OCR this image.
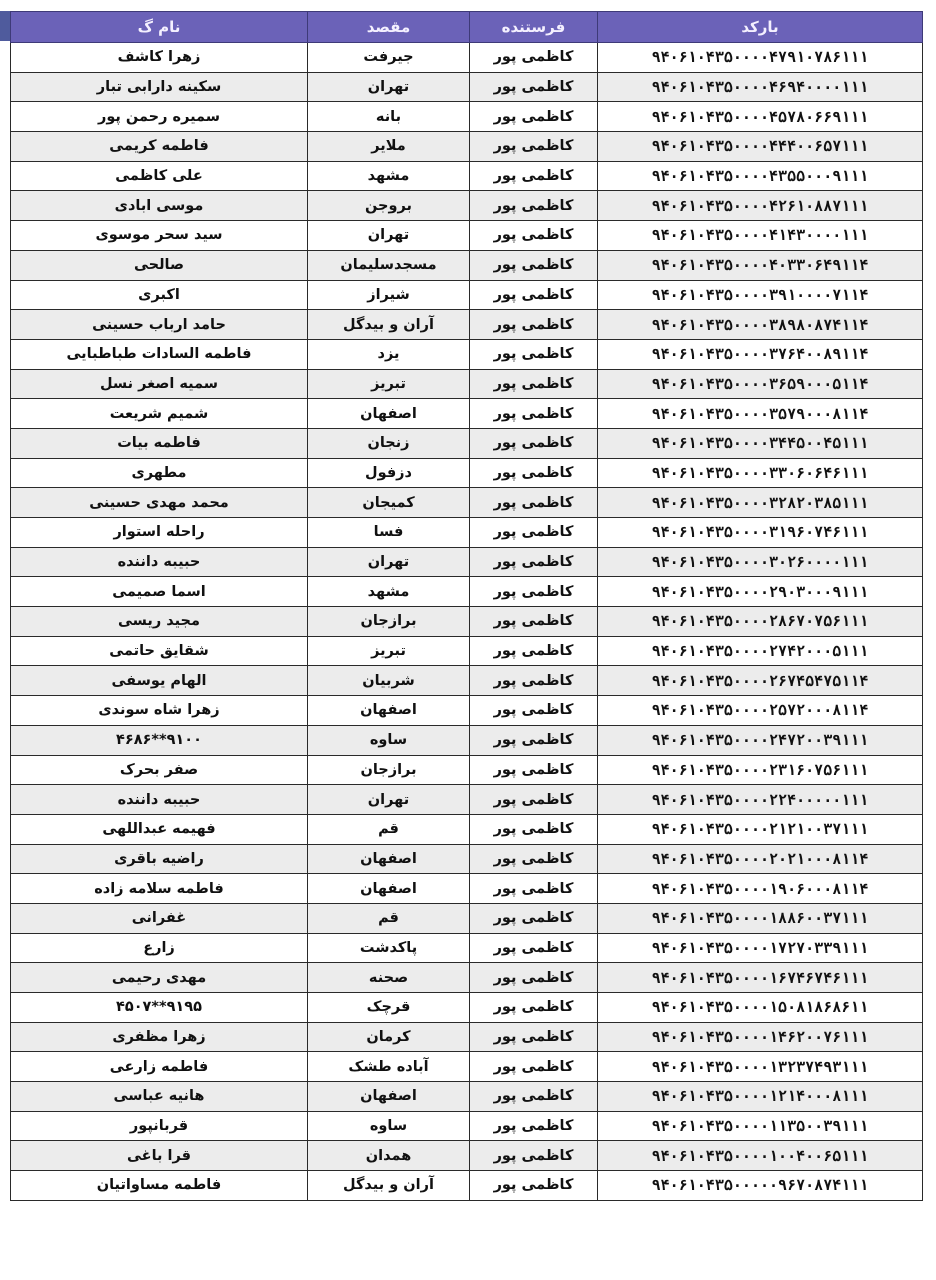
بارکد	فرستنده	مقصد	نام گ
۹۴۰۶۱۰۴۳۵۰۰۰۰۴۷۹۱۰۷۸۶۱۱۱	کاظمی پور	جیرفت	زهرا کاشف
۹۴۰۶۱۰۴۳۵۰۰۰۰۴۶۹۴۰۰۰۰۱۱۱	کاظمی پور	تهران	سکینه دارابی تبار
۹۴۰۶۱۰۴۳۵۰۰۰۰۴۵۷۸۰۶۶۹۱۱۱	کاظمی پور	بانه	سمیره رحمن پور
۹۴۰۶۱۰۴۳۵۰۰۰۰۴۴۴۰۰۶۵۷۱۱۱	کاظمی پور	ملایر	فاطمه کریمی
۹۴۰۶۱۰۴۳۵۰۰۰۰۴۳۵۵۰۰۰۹۱۱۱	کاظمی پور	مشهد	علی کاظمی
۹۴۰۶۱۰۴۳۵۰۰۰۰۴۲۶۱۰۸۸۷۱۱۱	کاظمی پور	بروجن	موسی ابادی
۹۴۰۶۱۰۴۳۵۰۰۰۰۴۱۴۳۰۰۰۰۱۱۱	کاظمی پور	تهران	سید سحر موسوی
۹۴۰۶۱۰۴۳۵۰۰۰۰۴۰۳۳۰۶۴۹۱۱۴	کاظمی پور	مسجدسلیمان	صالحی
۹۴۰۶۱۰۴۳۵۰۰۰۰۳۹۱۰۰۰۰۷۱۱۴	کاظمی پور	شیراز	اکبری
۹۴۰۶۱۰۴۳۵۰۰۰۰۳۸۹۸۰۸۷۴۱۱۴	کاظمی پور	آران و بیدگل	حامد ارباب حسینی
۹۴۰۶۱۰۴۳۵۰۰۰۰۳۷۶۴۰۰۸۹۱۱۴	کاظمی پور	یزد	فاطمه السادات طباطبایی
۹۴۰۶۱۰۴۳۵۰۰۰۰۳۶۵۹۰۰۰۵۱۱۴	کاظمی پور	تبریز	سمیه اصغر نسل
۹۴۰۶۱۰۴۳۵۰۰۰۰۳۵۷۹۰۰۰۸۱۱۴	کاظمی پور	اصفهان	شمیم شریعت
۹۴۰۶۱۰۴۳۵۰۰۰۰۳۴۴۵۰۰۴۵۱۱۱	کاظمی پور	زنجان	فاطمه بیات
۹۴۰۶۱۰۴۳۵۰۰۰۰۳۳۰۶۰۶۴۶۱۱۱	کاظمی پور	دزفول	مطهری
۹۴۰۶۱۰۴۳۵۰۰۰۰۳۲۸۲۰۳۸۵۱۱۱	کاظمی پور	کمیجان	محمد مهدی حسینی
۹۴۰۶۱۰۴۳۵۰۰۰۰۳۱۹۶۰۷۴۶۱۱۱	کاظمی پور	فسا	راحله استوار
۹۴۰۶۱۰۴۳۵۰۰۰۰۳۰۲۶۰۰۰۰۱۱۱	کاظمی پور	تهران	حبیبه داننده
۹۴۰۶۱۰۴۳۵۰۰۰۰۲۹۰۳۰۰۰۹۱۱۱	کاظمی پور	مشهد	اسما صمیمی
۹۴۰۶۱۰۴۳۵۰۰۰۰۲۸۶۷۰۷۵۶۱۱۱	کاظمی پور	برازجان	مجید ریسی
۹۴۰۶۱۰۴۳۵۰۰۰۰۲۷۴۲۰۰۰۵۱۱۱	کاظمی پور	تبریز	شقایق حاتمی
۹۴۰۶۱۰۴۳۵۰۰۰۰۲۶۷۴۵۴۷۵۱۱۴	کاظمی پور	شربیان	الهام یوسفی
۹۴۰۶۱۰۴۳۵۰۰۰۰۲۵۷۲۰۰۰۸۱۱۴	کاظمی پور	اصفهان	زهرا شاه سوندی
۹۴۰۶۱۰۴۳۵۰۰۰۰۲۴۷۲۰۰۳۹۱۱۱	کاظمی پور	ساوه	۹۱۰۰**۴۶۸۶
۹۴۰۶۱۰۴۳۵۰۰۰۰۲۳۱۶۰۷۵۶۱۱۱	کاظمی پور	برازجان	صفر بحرک
۹۴۰۶۱۰۴۳۵۰۰۰۰۲۲۴۰۰۰۰۰۱۱۱	کاظمی پور	تهران	حبیبه داننده
۹۴۰۶۱۰۴۳۵۰۰۰۰۲۱۲۱۰۰۳۷۱۱۱	کاظمی پور	قم	فهیمه عبداللهی
۹۴۰۶۱۰۴۳۵۰۰۰۰۲۰۲۱۰۰۰۸۱۱۴	کاظمی پور	اصفهان	راضیه باقری
۹۴۰۶۱۰۴۳۵۰۰۰۰۱۹۰۶۰۰۰۸۱۱۴	کاظمی پور	اصفهان	فاطمه سلامه زاده
۹۴۰۶۱۰۴۳۵۰۰۰۰۱۸۸۶۰۰۳۷۱۱۱	کاظمی پور	قم	غفرانی
۹۴۰۶۱۰۴۳۵۰۰۰۰۱۷۲۷۰۳۳۹۱۱۱	کاظمی پور	پاکدشت	زارع
۹۴۰۶۱۰۴۳۵۰۰۰۰۱۶۷۴۶۷۴۶۱۱۱	کاظمی پور	صحنه	مهدی رحیمی
۹۴۰۶۱۰۴۳۵۰۰۰۰۱۵۰۸۱۸۶۸۶۱۱	کاظمی پور	قرچک	۹۱۹۵**۴۵۰۷
۹۴۰۶۱۰۴۳۵۰۰۰۰۱۴۶۲۰۰۷۶۱۱۱	کاظمی پور	کرمان	زهرا مظفری
۹۴۰۶۱۰۴۳۵۰۰۰۰۱۳۲۳۷۴۹۳۱۱۱	کاظمی پور	آباده طشک	فاطمه زارعی
۹۴۰۶۱۰۴۳۵۰۰۰۰۱۲۱۴۰۰۰۸۱۱۱	کاظمی پور	اصفهان	هانیه عباسی
۹۴۰۶۱۰۴۳۵۰۰۰۰۱۱۳۵۰۰۳۹۱۱۱	کاظمی پور	ساوه	قربانپور
۹۴۰۶۱۰۴۳۵۰۰۰۰۱۰۰۴۰۰۶۵۱۱۱	کاظمی پور	همدان	قرا باغی
۹۴۰۶۱۰۴۳۵۰۰۰۰۰۹۶۷۰۸۷۴۱۱۱	کاظمی پور	آران و بیدگل	فاطمه مساواتیان
